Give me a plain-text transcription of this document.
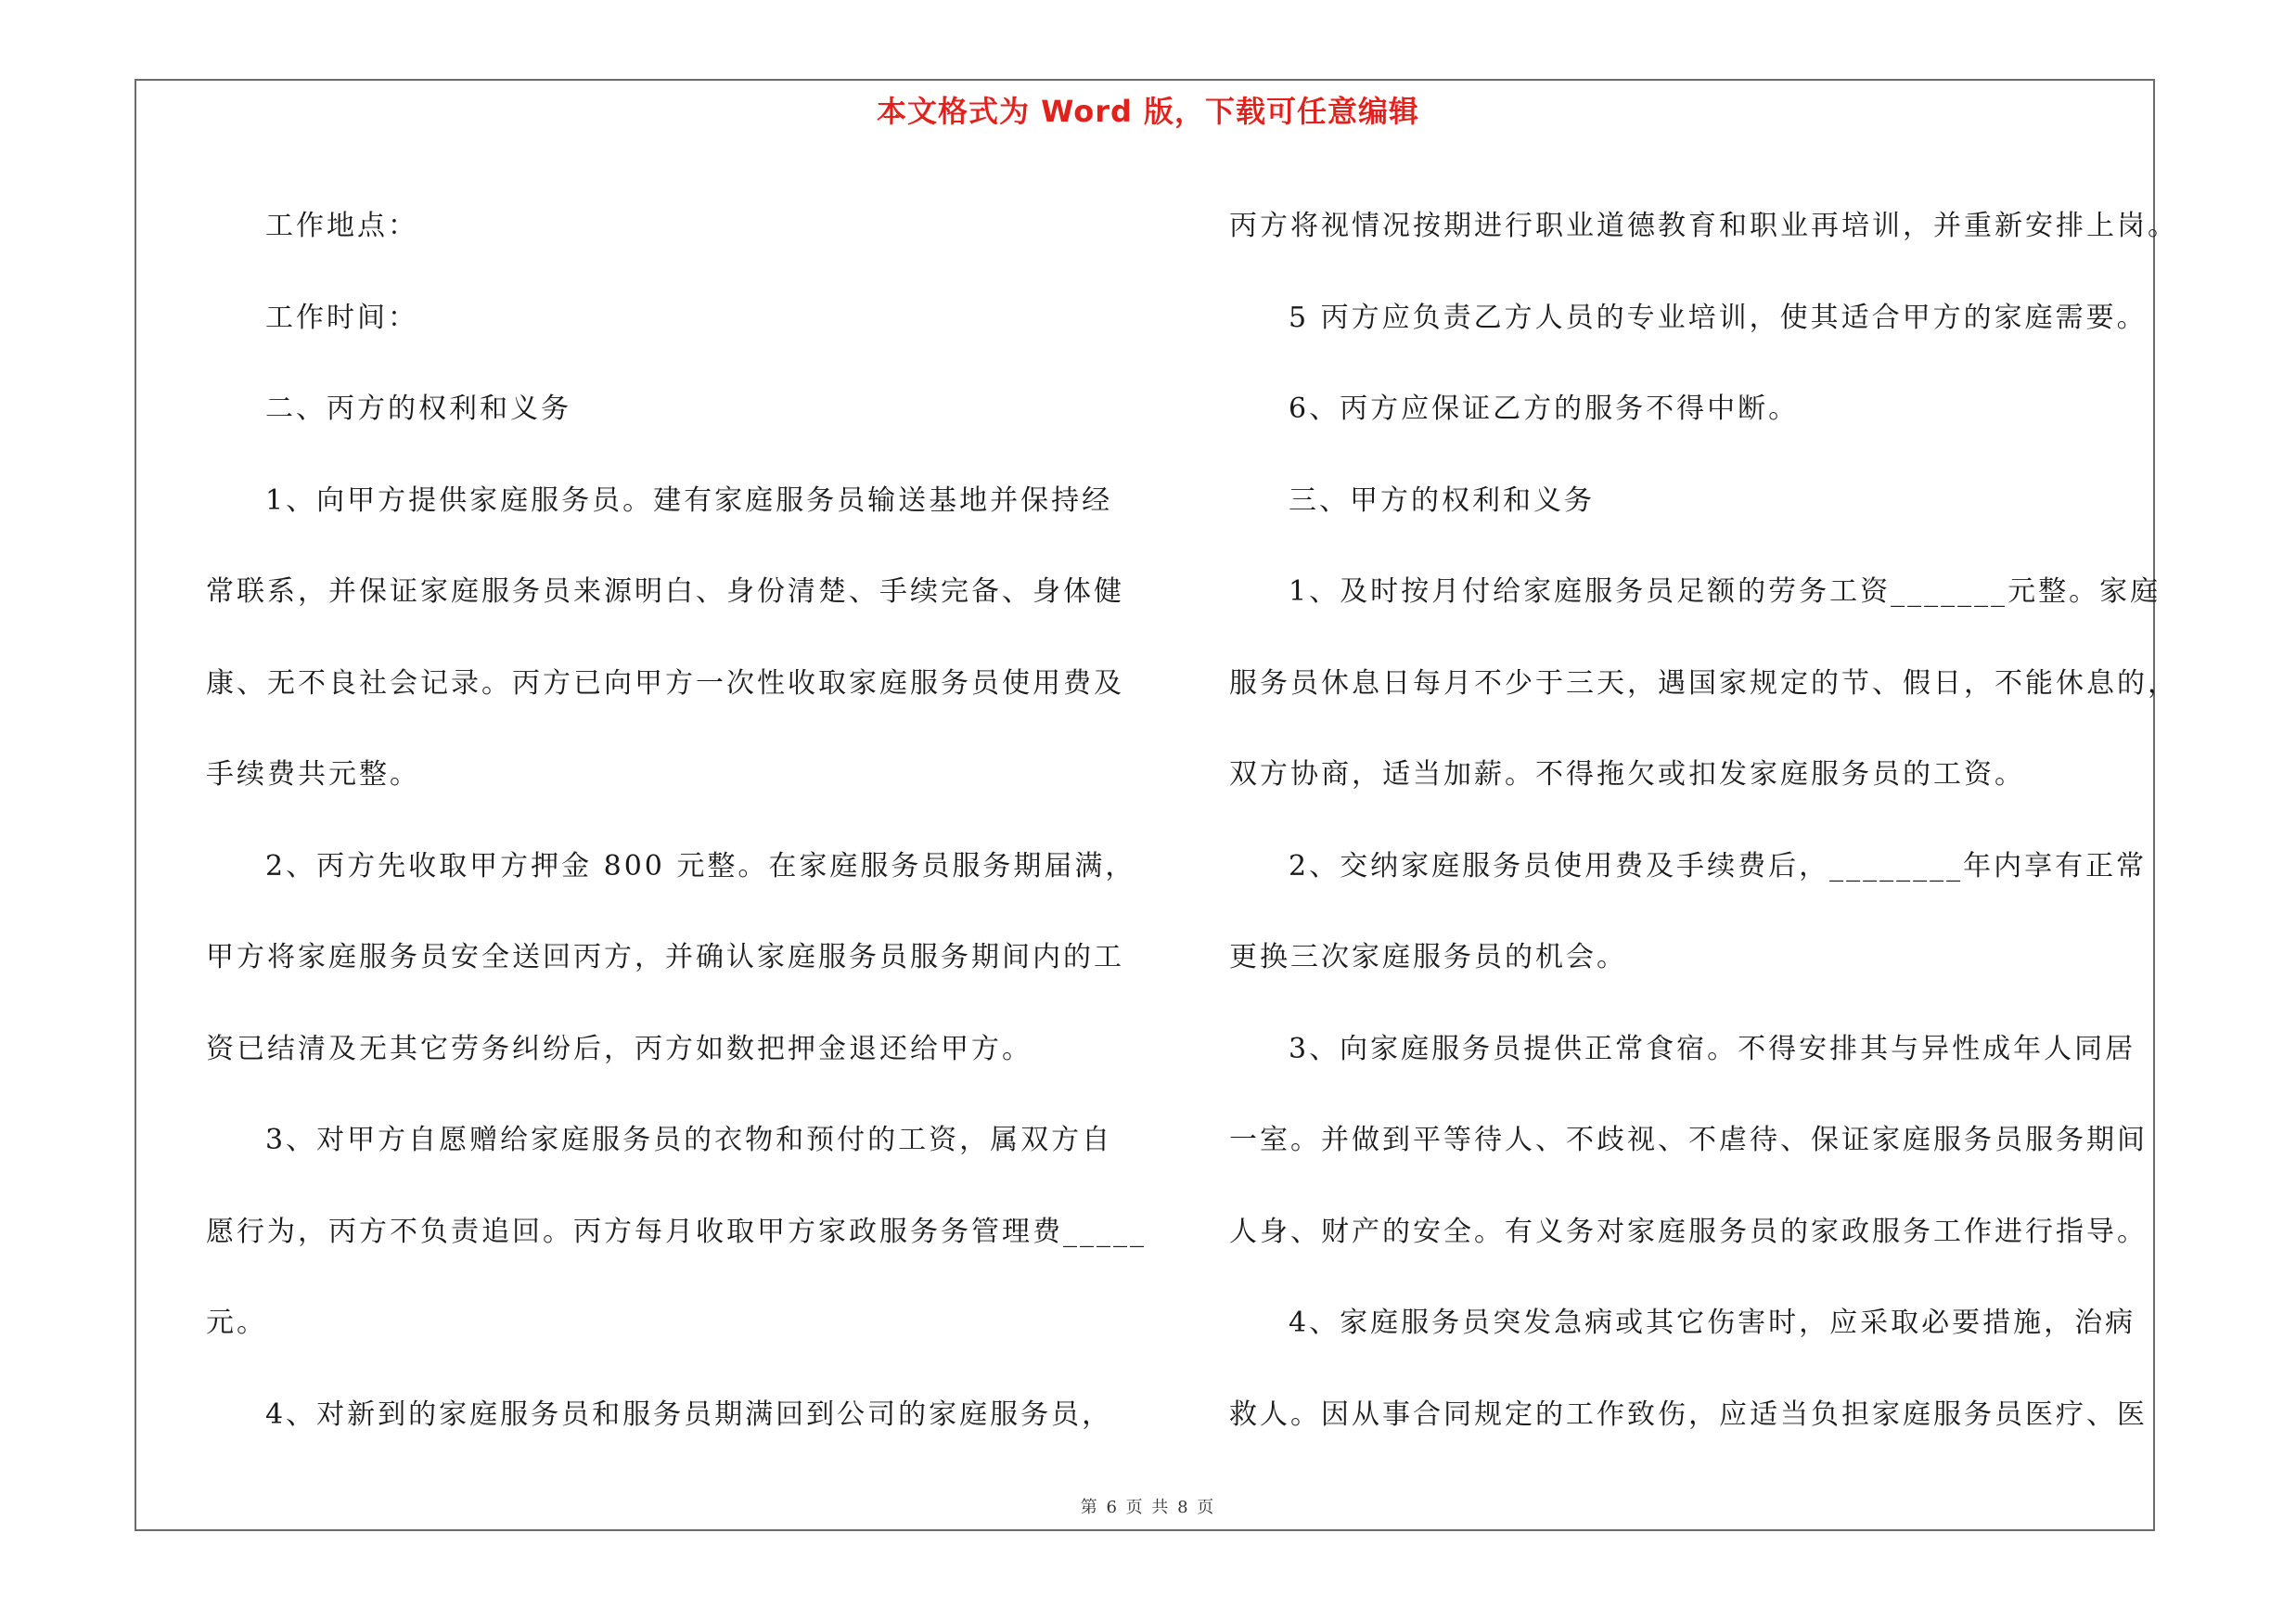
本文格式为 Word 版，下载可任意编辑
工作地点：
工作时间：
二、丙方的权利和义务
1、向甲方提供家庭服务员。建有家庭服务员输送基地并保持经
常联系，并保证家庭服务员来源明白、身份清楚、手续完备、身体健
康、无不良社会记录。丙方已向甲方一次性收取家庭服务员使用费及
手续费共元整。
2、丙方先收取甲方押金 800 元整。在家庭服务员服务期届满，
甲方将家庭服务员安全送回丙方，并确认家庭服务员服务期间内的工
资已结清及无其它劳务纠纷后，丙方如数把押金退还给甲方。
3、对甲方自愿赠给家庭服务员的衣物和预付的工资，属双方自
愿行为，丙方不负责追回。丙方每月收取甲方家政服务务管理费_____
元。
4、对新到的家庭服务员和服务员期满回到公司的家庭服务员，
丙方将视情况按期进行职业道德教育和职业再培训，并重新安排上岗。
5 丙方应负责乙方人员的专业培训，使其适合甲方的家庭需要。
6、丙方应保证乙方的服务不得中断。
三、甲方的权利和义务
1、及时按月付给家庭服务员足额的劳务工资_______元整。家庭
服务员休息日每月不少于三天，遇国家规定的节、假日，不能休息的，
双方协商，适当加薪。不得拖欠或扣发家庭服务员的工资。
2、交纳家庭服务员使用费及手续费后，________年内享有正常
更换三次家庭服务员的机会。
3、向家庭服务员提供正常食宿。不得安排其与异性成年人同居
一室。并做到平等待人、不歧视、不虐待、保证家庭服务员服务期间
人身、财产的安全。有义务对家庭服务员的家政服务工作进行指导。
4、家庭服务员突发急病或其它伤害时，应采取必要措施，治病
救人。因从事合同规定的工作致伤，应适当负担家庭服务员医疗、医
第 6 页 共 8 页
